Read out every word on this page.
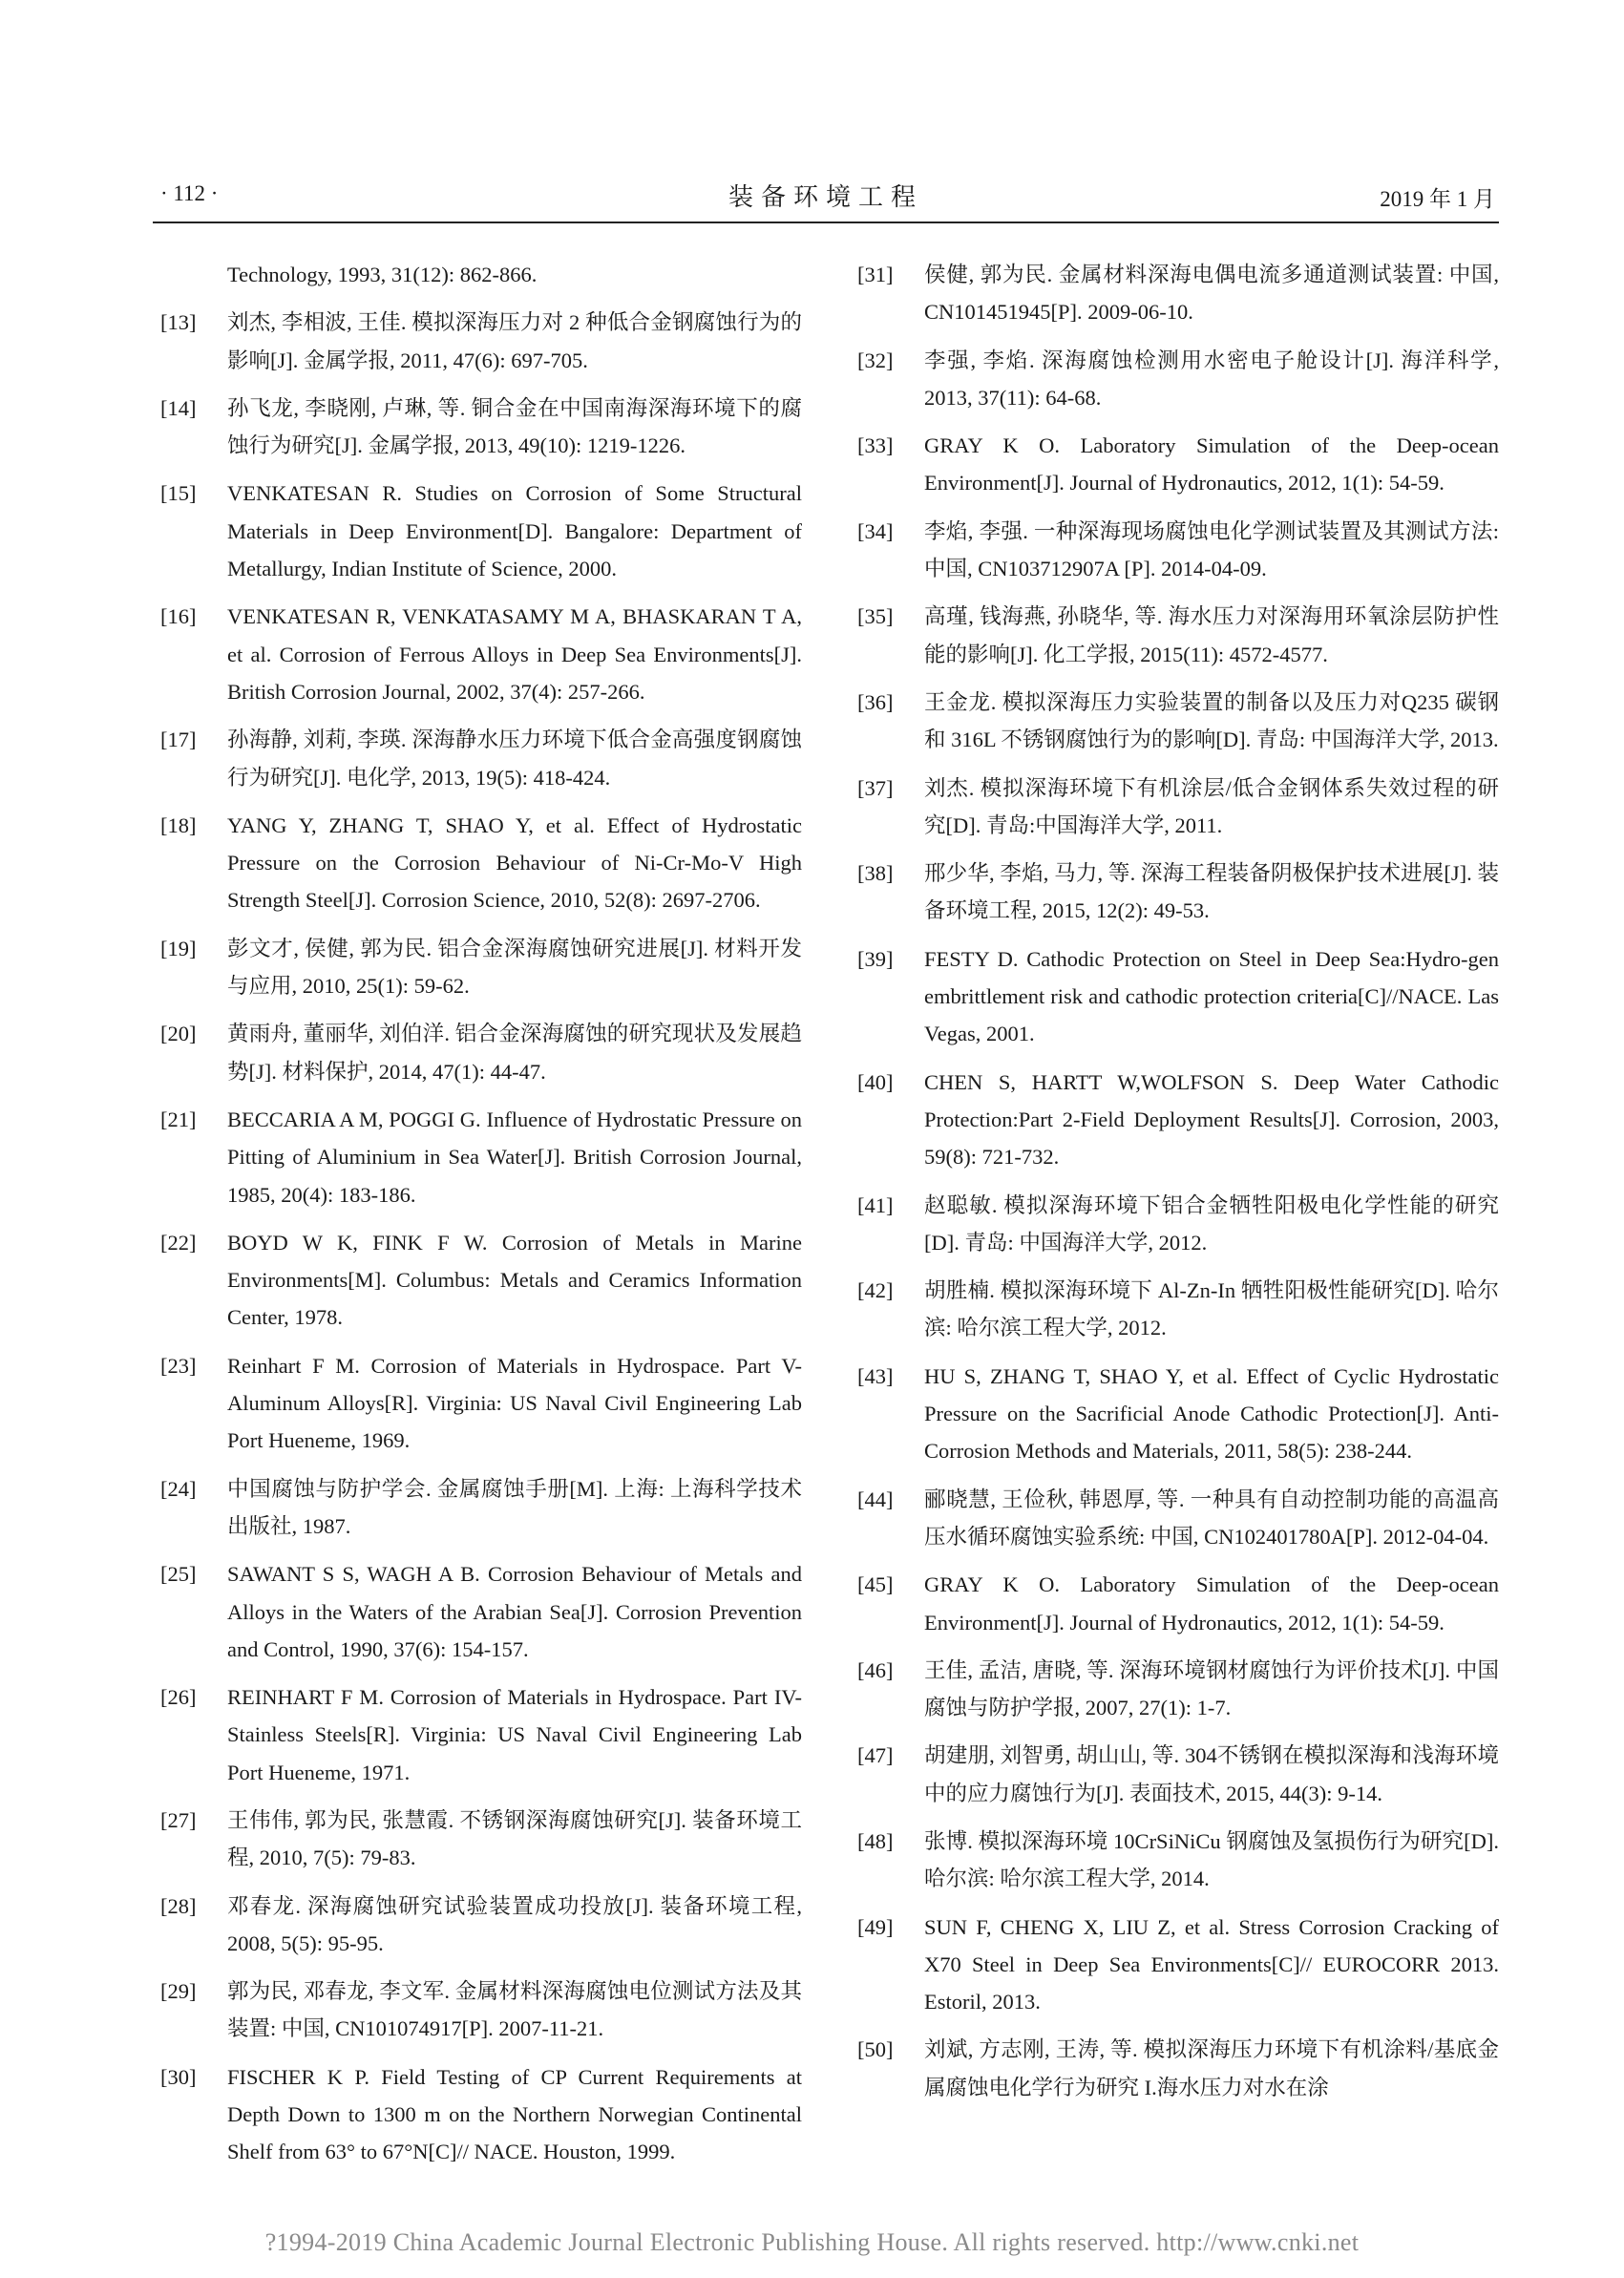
· 112 ·	装备环境工程	2019 年 1 月
Technology, 1993, 31(12): 862-866.
[13] 刘杰, 李相波, 王佳. 模拟深海压力对 2 种低合金钢腐蚀行为的影响[J]. 金属学报, 2011, 47(6): 697-705.
[14] 孙飞龙, 李晓刚, 卢琳, 等. 铜合金在中国南海深海环境下的腐蚀行为研究[J]. 金属学报, 2013, 49(10): 1219-1226.
[15] VENKATESAN R. Studies on Corrosion of Some Structural Materials in Deep Environment[D]. Bangalore: Department of Metallurgy, Indian Institute of Science, 2000.
[16] VENKATESAN R, VENKATASAMY M A, BHASKARAN T A, et al. Corrosion of Ferrous Alloys in Deep Sea Environments[J]. British Corrosion Journal, 2002, 37(4): 257-266.
[17] 孙海静, 刘莉, 李瑛. 深海静水压力环境下低合金高强度钢腐蚀行为研究[J]. 电化学, 2013, 19(5): 418-424.
[18] YANG Y, ZHANG T, SHAO Y, et al. Effect of Hydrostatic Pressure on the Corrosion Behaviour of Ni-Cr-Mo-V High Strength Steel[J]. Corrosion Science, 2010, 52(8): 2697-2706.
[19] 彭文才, 侯健, 郭为民. 铝合金深海腐蚀研究进展[J]. 材料开发与应用, 2010, 25(1): 59-62.
[20] 黄雨舟, 董丽华, 刘伯洋. 铝合金深海腐蚀的研究现状及发展趋势[J]. 材料保护, 2014, 47(1): 44-47.
[21] BECCARIA A M, POGGI G. Influence of Hydrostatic Pressure on Pitting of Aluminium in Sea Water[J]. British Corrosion Journal, 1985, 20(4): 183-186.
[22] BOYD W K, FINK F W. Corrosion of Metals in Marine Environments[M]. Columbus: Metals and Ceramics Information Center, 1978.
[23] Reinhart F M. Corrosion of Materials in Hydrospace. Part V-Aluminum Alloys[R]. Virginia: US Naval Civil Engineering Lab Port Hueneme, 1969.
[24] 中国腐蚀与防护学会. 金属腐蚀手册[M]. 上海: 上海科学技术出版社, 1987.
[25] SAWANT S S, WAGH A B. Corrosion Behaviour of Metals and Alloys in the Waters of the Arabian Sea[J]. Corrosion Prevention and Control, 1990, 37(6): 154-157.
[26] REINHART F M. Corrosion of Materials in Hydrospace. Part IV-Stainless Steels[R]. Virginia: US Naval Civil Engineering Lab Port Hueneme, 1971.
[27] 王伟伟, 郭为民, 张慧霞. 不锈钢深海腐蚀研究[J]. 装备环境工程, 2010, 7(5): 79-83.
[28] 邓春龙. 深海腐蚀研究试验装置成功投放[J]. 装备环境工程, 2008, 5(5): 95-95.
[29] 郭为民, 邓春龙, 李文军. 金属材料深海腐蚀电位测试方法及其装置: 中国, CN101074917[P]. 2007-11-21.
[30] FISCHER K P. Field Testing of CP Current Requirements at Depth Down to 1300 m on the Northern Norwegian Continental Shelf from 63° to 67°N[C]// NACE. Houston, 1999.
[31] 侯健, 郭为民. 金属材料深海电偶电流多通道测试装置: 中国, CN101451945[P]. 2009-06-10.
[32] 李强, 李焰. 深海腐蚀检测用水密电子舱设计[J]. 海洋科学, 2013, 37(11): 64-68.
[33] GRAY K O. Laboratory Simulation of the Deep-ocean Environment[J]. Journal of Hydronautics, 2012, 1(1): 54-59.
[34] 李焰, 李强. 一种深海现场腐蚀电化学测试装置及其测试方法: 中国, CN103712907A [P]. 2014-04-09.
[35] 高瑾, 钱海燕, 孙晓华, 等. 海水压力对深海用环氧涂层防护性能的影响[J]. 化工学报, 2015(11): 4572-4577.
[36] 王金龙. 模拟深海压力实验装置的制备以及压力对Q235 碳钢和 316L 不锈钢腐蚀行为的影响[D]. 青岛: 中国海洋大学, 2013.
[37] 刘杰. 模拟深海环境下有机涂层/低合金钢体系失效过程的研究[D]. 青岛:中国海洋大学, 2011.
[38] 邢少华, 李焰, 马力, 等. 深海工程装备阴极保护技术进展[J]. 装备环境工程, 2015, 12(2): 49-53.
[39] FESTY D. Cathodic Protection on Steel in Deep Sea:Hydro-gen embrittlement risk and cathodic protection criteria[C]//NACE. Las Vegas, 2001.
[40] CHEN S, HARTT W,WOLFSON S. Deep Water Cathodic Protection:Part 2-Field Deployment Results[J]. Corrosion, 2003, 59(8): 721-732.
[41] 赵聪敏. 模拟深海环境下铝合金牺牲阳极电化学性能的研究[D]. 青岛: 中国海洋大学, 2012.
[42] 胡胜楠. 模拟深海环境下 Al-Zn-In 牺牲阳极性能研究[D]. 哈尔滨: 哈尔滨工程大学, 2012.
[43] HU S, ZHANG T, SHAO Y, et al. Effect of Cyclic Hydrostatic Pressure on the Sacrificial Anode Cathodic Protection[J]. Anti-Corrosion Methods and Materials, 2011, 58(5): 238-244.
[44] 郦晓慧, 王俭秋, 韩恩厚, 等. 一种具有自动控制功能的高温高压水循环腐蚀实验系统: 中国, CN102401780A[P]. 2012-04-04.
[45] GRAY K O. Laboratory Simulation of the Deep-ocean Environment[J]. Journal of Hydronautics, 2012, 1(1): 54-59.
[46] 王佳, 孟洁, 唐晓, 等. 深海环境钢材腐蚀行为评价技术[J]. 中国腐蚀与防护学报, 2007, 27(1): 1-7.
[47] 胡建朋, 刘智勇, 胡山山, 等. 304不锈钢在模拟深海和浅海环境中的应力腐蚀行为[J]. 表面技术, 2015, 44(3): 9-14.
[48] 张博. 模拟深海环境 10CrSiNiCu 钢腐蚀及氢损伤行为研究[D]. 哈尔滨: 哈尔滨工程大学, 2014.
[49] SUN F, CHENG X, LIU Z, et al. Stress Corrosion Cracking of X70 Steel in Deep Sea Environments[C]// EUROCORR 2013. Estoril, 2013.
[50] 刘斌, 方志刚, 王涛, 等. 模拟深海压力环境下有机涂料/基底金属腐蚀电化学行为研究 I.海水压力对水在涂
?1994-2019 China Academic Journal Electronic Publishing House. All rights reserved. http://www.cnki.net
